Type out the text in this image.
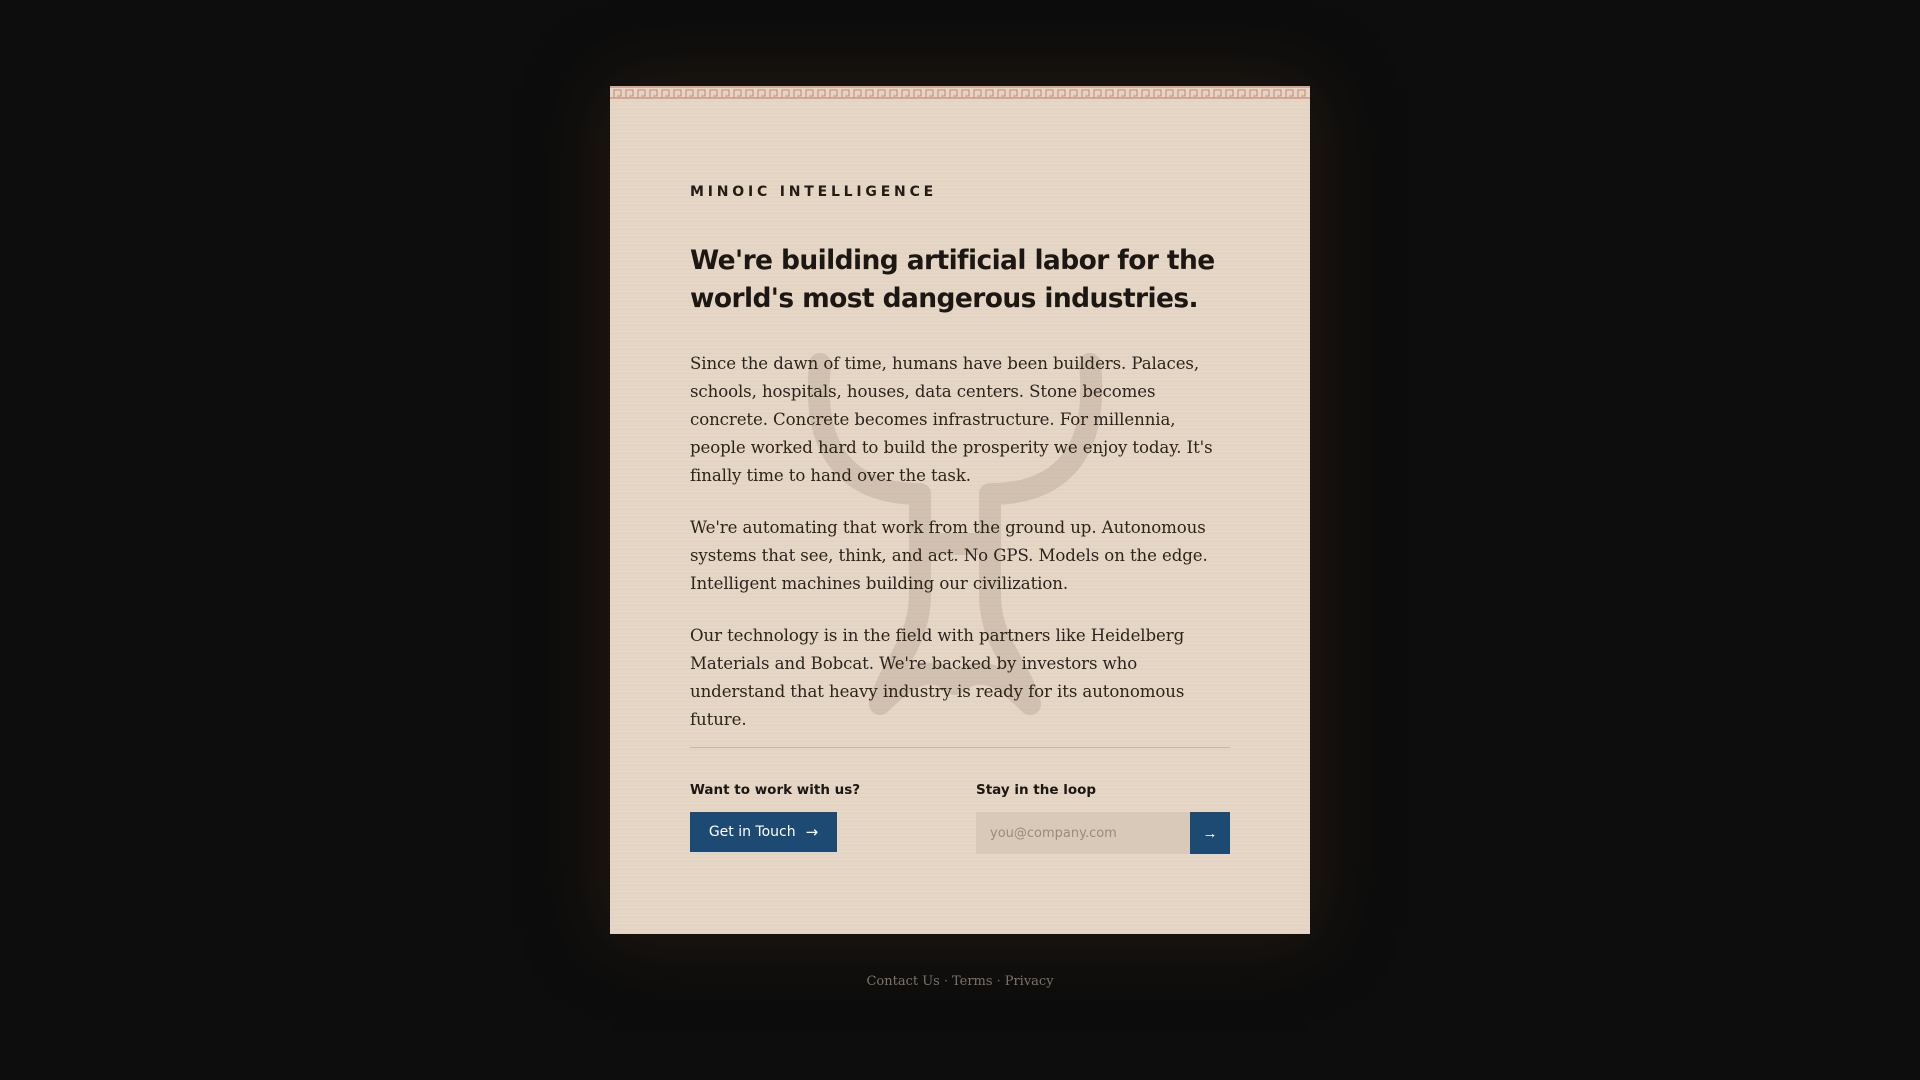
MINOIC INTELLIGENCE
We're building artificial labor for the world's most dangerous industries.

Since the dawn of time, humans have been builders. Palaces, schools, hospitals, houses, data centers. Stone becomes concrete. Concrete becomes infrastructure. For millennia, people worked hard to build the prosperity we enjoy today. It's finally time to hand over the task.

We're automating that work from the ground up. Autonomous systems that see, think, and act. No GPS. Models on the edge. Intelligent machines building our civilization.

Our technology is in the field with partners like Heidelberg Materials and Bobcat. We're backed by investors who understand that heavy industry is ready for its autonomous future.

Want to work with us?
Get in Touch →
Stay in the loop
you@company.com
→
Contact Us · Terms · Privacy
